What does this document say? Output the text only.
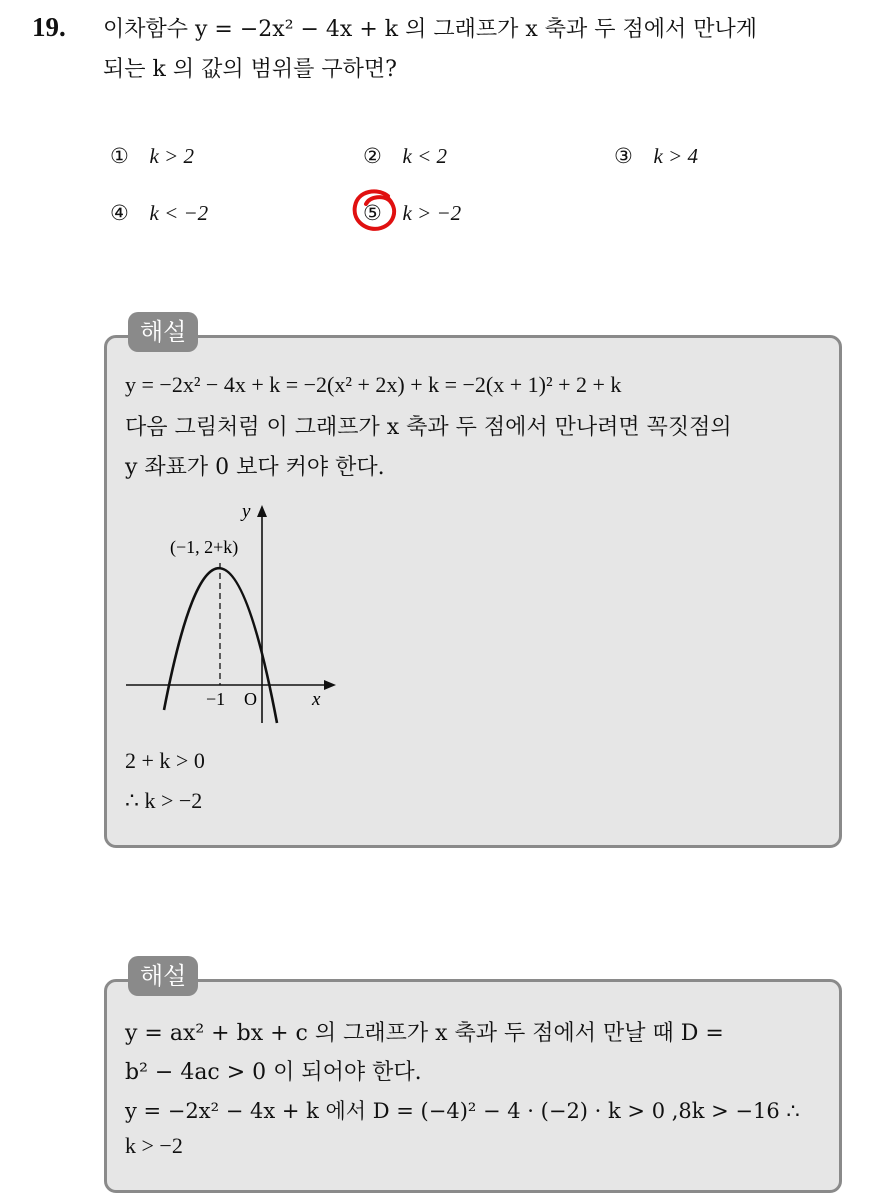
19. 이차함수 y = −2x² − 4x + k 의 그래프가 x 축과 두 점에서 만나게
되는 k 의 값의 범위를 구하면?
① k > 2	② k < 2	③ k > 4
④ k < −2	⑤ k > −2
해설
y = −2x² − 4x + k = −2(x² + 2x) + k = −2(x + 1)² + 2 + k
다음 그림처럼 이 그래프가 x 축과 두 점에서 만나려면 꼭짓점의
y 좌표가 0 보다 커야 한다.
y
(−1, 2+k)
−1 O	x
2 + k > 0
∴ k > −2
해설
y = ax² + bx + c 의 그래프가 x 축과 두 점에서 만날 때 D =
b² − 4ac > 0 이 되어야 한다.
y = −2x² − 4x + k 에서 D = (−4)² − 4 · (−2) · k > 0 ,8k > −16 ∴
k > −2
